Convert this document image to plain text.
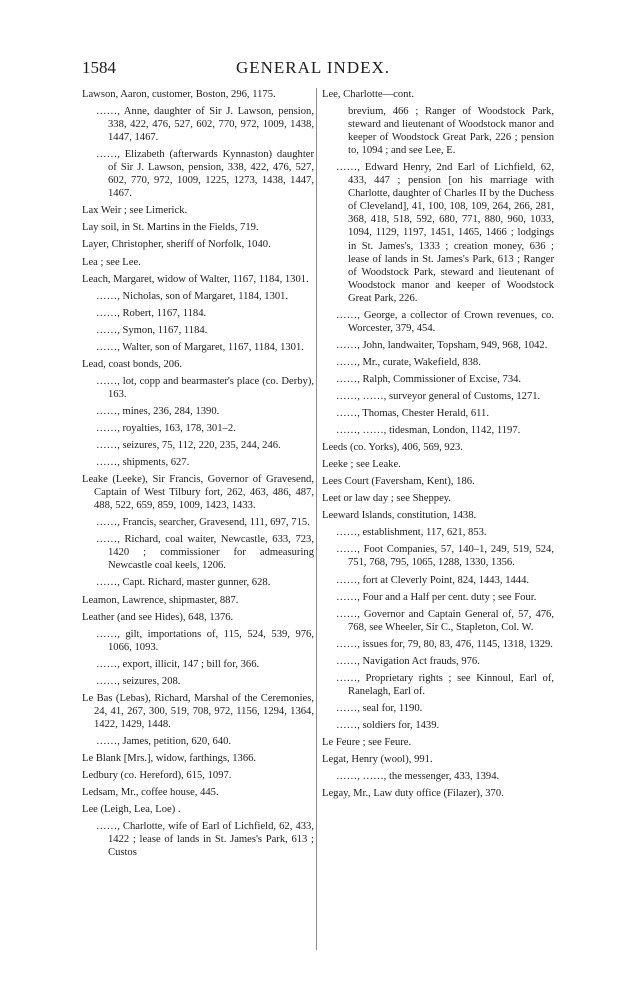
1584	GENERAL INDEX.

Lawson, Aaron, customer, Boston, 296, 1175.

……, Anne, daughter of Sir J. Lawson, pension, 338, 422, 476, 527, 602, 770, 972, 1009, 1438, 1447, 1467.

……, Elizabeth (afterwards Kynnaston) daughter of Sir J. Lawson, pension, 338, 422, 476, 527, 602, 770, 972, 1009, 1225, 1273, 1438, 1447, 1467.

Lax Weir ; see Limerick.

Lay soil, in St. Martins in the Fields, 719.

Layer, Christopher, sheriff of Norfolk, 1040.

Lea ; see Lee.

Leach, Margaret, widow of Walter, 1167, 1184, 1301.

……, Nicholas, son of Margaret, 1184, 1301.

……, Robert, 1167, 1184.

……, Symon, 1167, 1184.

……, Walter, son of Margaret, 1167, 1184, 1301.

Lead, coast bonds, 206.

……, lot, copp and bearmaster's place (co. Derby), 163.

……, mines, 236, 284, 1390.

……, royalties, 163, 178, 301–2.

……, seizures, 75, 112, 220, 235, 244, 246.

……, shipments, 627.

Leake (Leeke), Sir Francis, Governor of Gravesend, Captain of West Tilbury fort, 262, 463, 486, 487, 488, 522, 659, 859, 1009, 1423, 1433.

……, Francis, searcher, Gravesend, 111, 697, 715.

……, Richard, coal waiter, Newcastle, 633, 723, 1420 ; commissioner for admeasuring Newcastle coal keels, 1206.

……, Capt. Richard, master gunner, 628.

Leamon, Lawrence, shipmaster, 887.

Leather (and see Hides), 648, 1376.

……, gilt, importations of, 115, 524, 539, 976, 1066, 1093.

……, export, illicit, 147 ; bill for, 366.

……, seizures, 208.

Le Bas (Lebas), Richard, Marshal of the Ceremonies, 24, 41, 267, 300, 519, 708, 972, 1156, 1294, 1364, 1422, 1429, 1448.

……, James, petition, 620, 640.

Le Blank [Mrs.], widow, farthings, 1366.

Ledbury (co. Hereford), 615, 1097.

Ledsam, Mr., coffee house, 445.

Lee (Leigh, Lea, Loe) .

……, Charlotte, wife of Earl of Lichfield, 62, 433, 1422 ; lease of lands in St. James's Park, 613 ; Custos

Lee, Charlotte—cont.

brevium, 466 ; Ranger of Woodstock Park, steward and lieutenant of Woodstock manor and keeper of Woodstock Great Park, 226 ; pension to, 1094 ; and see Lee, E.

……, Edward Henry, 2nd Earl of Lichfield, 62, 433, 447 ; pension [on his marriage with Charlotte, daughter of Charles II by the Duchess of Cleveland], 41, 100, 108, 109, 264, 266, 281, 368, 418, 518, 592, 680, 771, 880, 960, 1033, 1094, 1129, 1197, 1451, 1465, 1466 ; lodgings in St. James's, 1333 ; creation money, 636 ; lease of lands in St. James's Park, 613 ; Ranger of Woodstock Park, steward and lieutenant of Woodstock manor and keeper of Woodstock Great Park, 226.

……, George, a collector of Crown revenues, co. Worcester, 379, 454.

……, John, landwaiter, Topsham, 949, 968, 1042.

……, Mr., curate, Wakefield, 838.

……, Ralph, Commissioner of Excise, 734.

……, ……, surveyor general of Customs, 1271.

……, Thomas, Chester Herald, 611.

……, ……, tidesman, London, 1142, 1197.

Leeds (co. Yorks), 406, 569, 923.

Leeke ; see Leake.

Lees Court (Faversham, Kent), 186.

Leet or law day ; see Sheppey.

Leeward Islands, constitution, 1438.

……, establishment, 117, 621, 853.

……, Foot Companies, 57, 140–1, 249, 519, 524, 751, 768, 795, 1065, 1288, 1330, 1356.

……, fort at Cleverly Point, 824, 1443, 1444.

……, Four and a Half per cent. duty ; see Four.

……, Governor and Captain General of, 57, 476, 768, see Wheeler, Sir C., Stapleton, Col. W.

……, issues for, 79, 80, 83, 476, 1145, 1318, 1329.

……, Navigation Act frauds, 976.

……, Proprietary rights ; see Kinnoul, Earl of, Ranelagh, Earl of.

……, seal for, 1190.

……, soldiers for, 1439.

Le Feure ; see Feure.

Legat, Henry (wool), 991.

……, ……, the messenger, 433, 1394.

Legay, Mr., Law duty office (Filazer), 370.
